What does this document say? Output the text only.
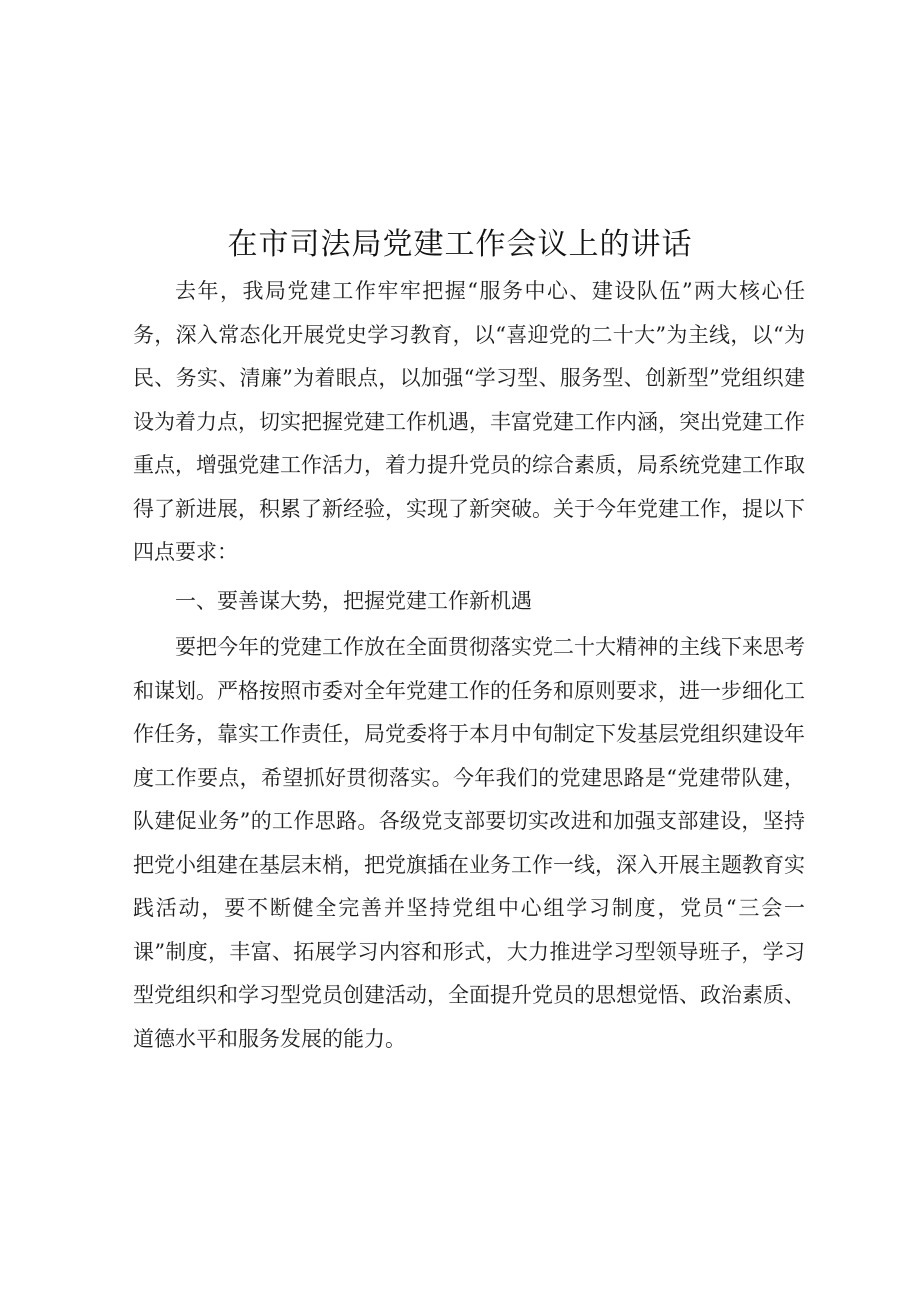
在市司法局党建工作会议上的讲话

去年，我局党建工作牢牢把握“服务中心、建设队伍”两大核心任务，深入常态化开展党史学习教育，以“喜迎党的二十大”为主线，以“为民、务实、清廉”为着眼点，以加强“学习型、服务型、创新型”党组织建设为着力点，切实把握党建工作机遇，丰富党建工作内涵，突出党建工作重点，增强党建工作活力，着力提升党员的综合素质，局系统党建工作取得了新进展，积累了新经验，实现了新突破。关于今年党建工作，提以下四点要求：

一、要善谋大势，把握党建工作新机遇

要把今年的党建工作放在全面贯彻落实党二十大精神的主线下来思考和谋划。严格按照市委对全年党建工作的任务和原则要求，进一步细化工作任务，靠实工作责任，局党委将于本月中旬制定下发基层党组织建设年度工作要点，希望抓好贯彻落实。今年我们的党建思路是“党建带队建，队建促业务”的工作思路。各级党支部要切实改进和加强支部建设，坚持把党小组建在基层末梢，把党旗插在业务工作一线，深入开展主题教育实践活动，要不断健全完善并坚持党组中心组学习制度，党员“三会一课”制度，丰富、拓展学习内容和形式，大力推进学习型领导班子，学习型党组织和学习型党员创建活动，全面提升党员的思想觉悟、政治素质、道德水平和服务发展的能力。
